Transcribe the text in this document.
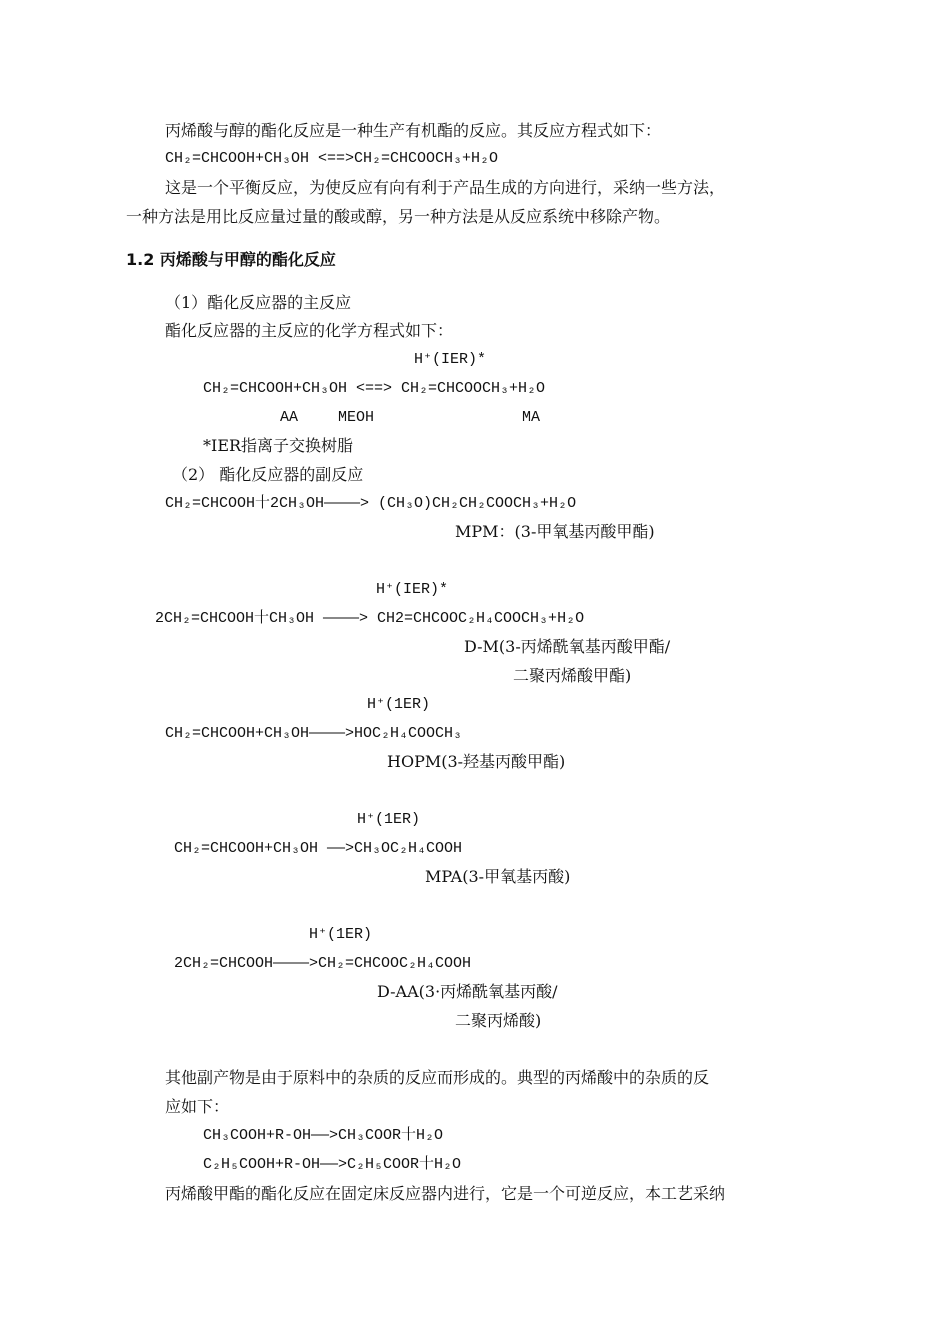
丙烯酸与醇的酯化反应是一种生产有机酯的反应。其反应方程式如下：
CH₂=CHCOOH+CH₃OH <==>CH₂=CHCOOCH₃+H₂O
这是一个平衡反应，为使反应有向有利于产品生成的方向进行，采纳一些方法，
一种方法是用比反应量过量的酸或醇，另一种方法是从反应系统中移除产物。
1.2 丙烯酸与甲醇的酯化反应
（1）酯化反应器的主反应
酯化反应器的主反应的化学方程式如下：
H⁺(IER)*
CH₂=CHCOOH+CH₃OH <==> CH₂=CHCOOCH₃+H₂O
AA	MEOH	MA
*IER指离子交换树脂
（2） 酯化反应器的副反应
CH₂=CHCOOH十2CH₃OH————> (CH₃O)CH₂CH₂COOCH₃+H₂O
MPM：(3-甲氧基丙酸甲酯)
H⁺(IER)*
2CH₂=CHCOOH十CH₃OH ————> CH2=CHCOOC₂H₄COOCH₃+H₂O
D-M(3-丙烯酰氧基丙酸甲酯/
二聚丙烯酸甲酯)
H⁺(1ER)
CH₂=CHCOOH+CH₃OH————>HOC₂H₄COOCH₃
HOPM(3-羟基丙酸甲酯)
H⁺(1ER)
CH₂=CHCOOH+CH₃OH ——>CH₃OC₂H₄COOH
MPA(3-甲氧基丙酸)
H⁺(1ER)
2CH₂=CHCOOH————>CH₂=CHCOOC₂H₄COOH
D-AA(3·丙烯酰氧基丙酸/
二聚丙烯酸)
其他副产物是由于原料中的杂质的反应而形成的。典型的丙烯酸中的杂质的反
应如下：
CH₃COOH+R-OH——>CH₃COOR十H₂O
C₂H₅COOH+R-OH——>C₂H₅COOR十H₂O
丙烯酸甲酯的酯化反应在固定床反应器内进行，它是一个可逆反应，本工艺采纳
